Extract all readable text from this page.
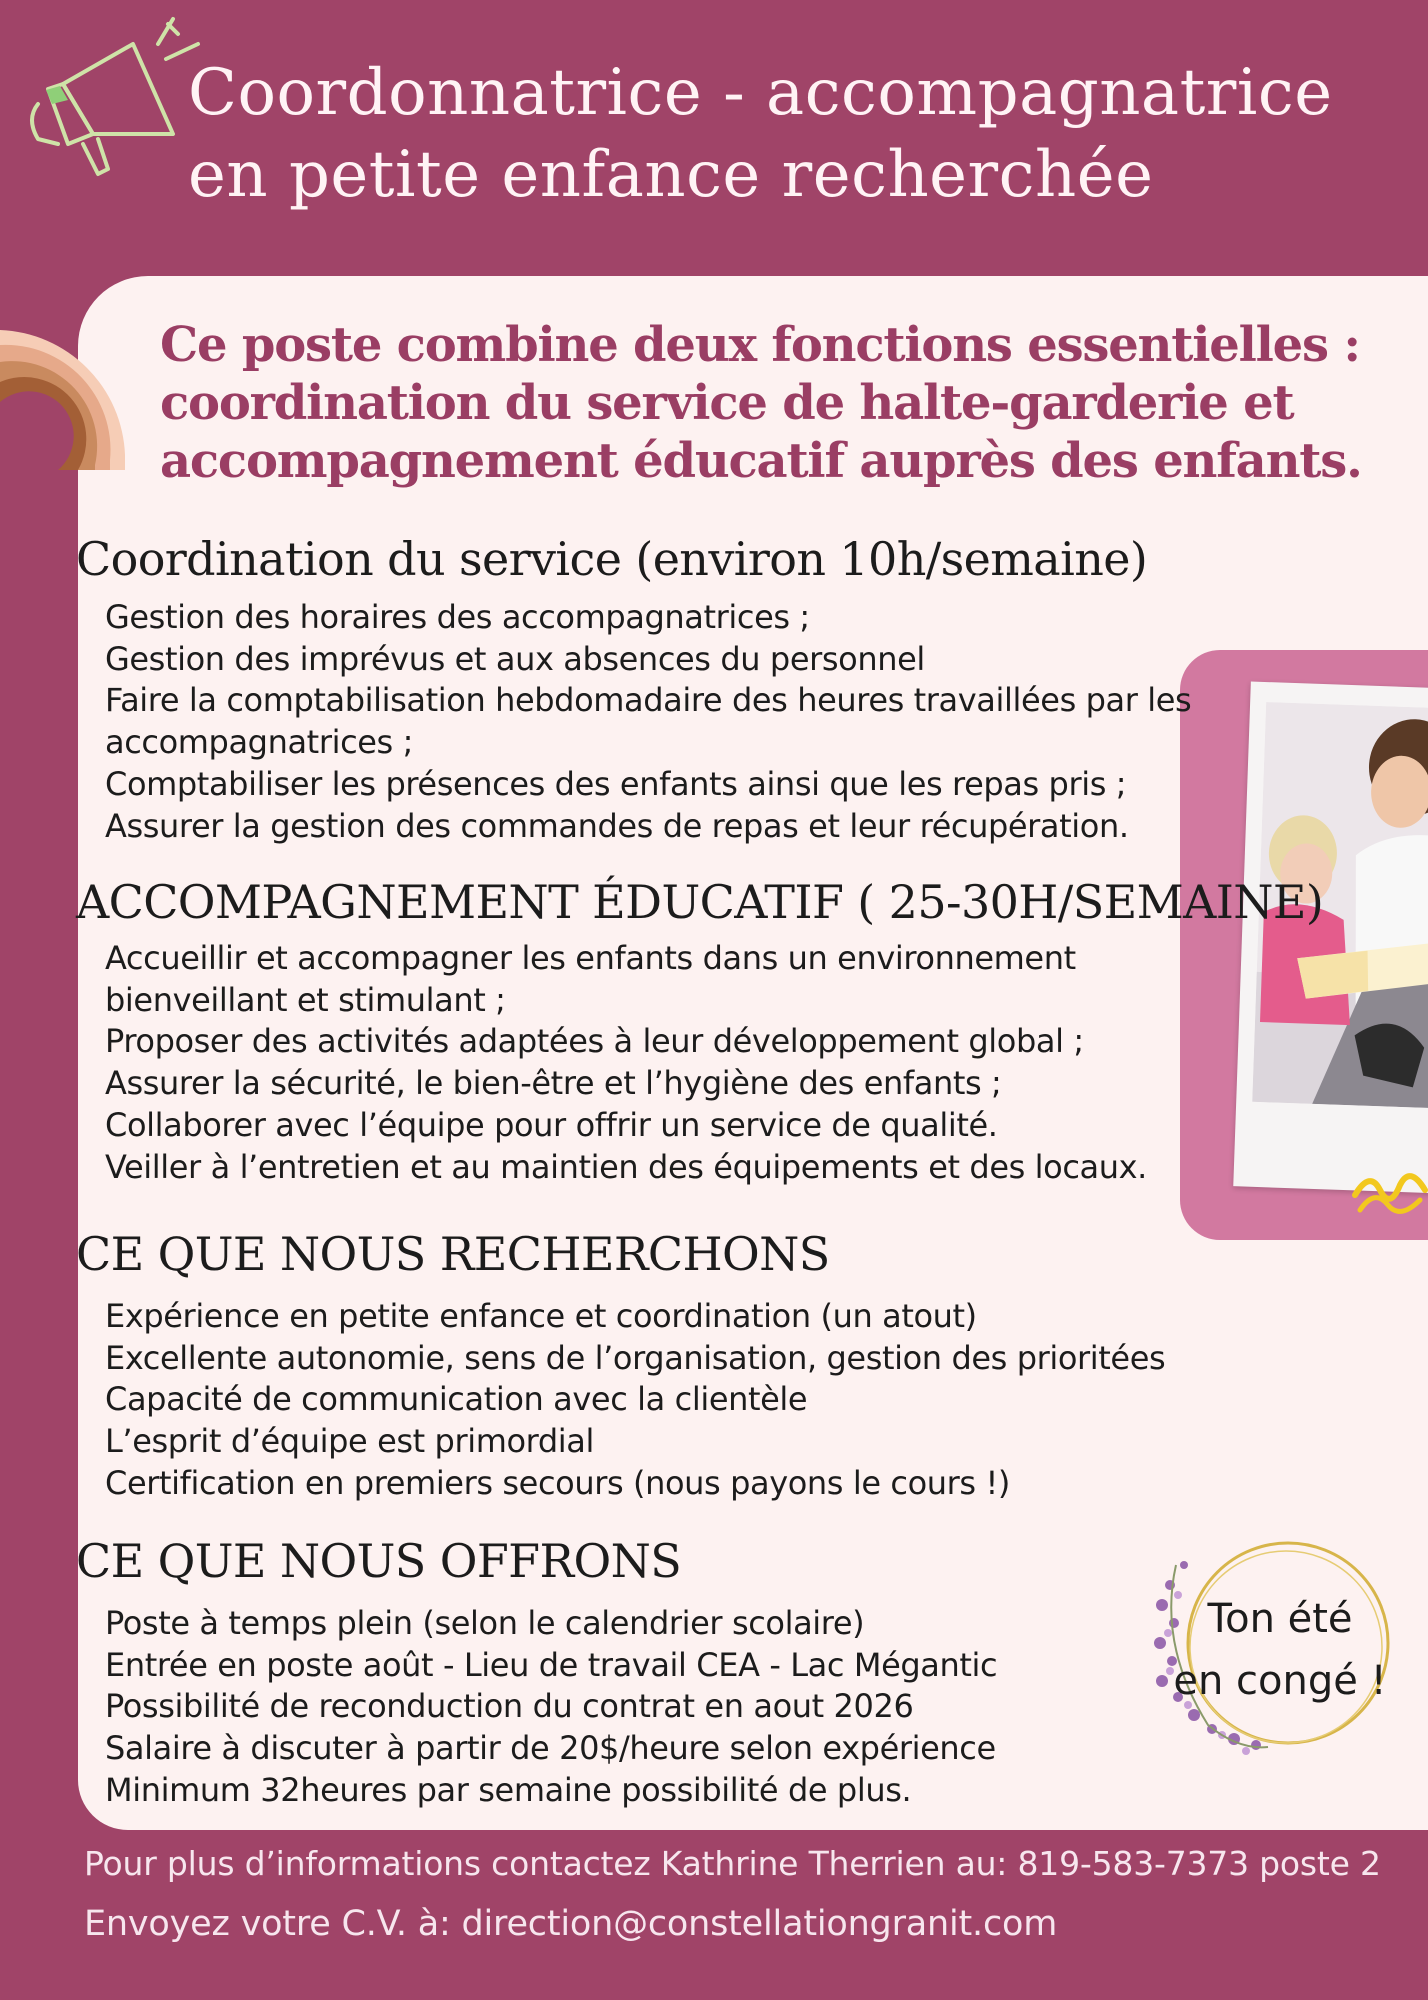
Coordonnatrice - accompagnatrice
en petite enfance recherchée

Ce poste combine deux fonctions essentielles :
coordination du service de halte-garderie et
accompagnement éducatif auprès des enfants.

Coordination du service (environ 10h/semaine)
Gestion des horaires des accompagnatrices ;
Gestion des imprévus et aux absences du personnel
Faire la comptabilisation hebdomadaire des heures travaillées par les
accompagnatrices ;
Comptabiliser les présences des enfants ainsi que les repas pris ;
Assurer la gestion des commandes de repas et leur récupération.
ACCOMPAGNEMENT ÉDUCATIF ( 25-30H/SEMAINE)
Accueillir et accompagner les enfants dans un environnement
bienveillant et stimulant ;
Proposer des activités adaptées à leur développement global ;
Assurer la sécurité, le bien-être et l’hygiène des enfants ;
Collaborer avec l’équipe pour offrir un service de qualité.
Veiller à l’entretien et au maintien des équipements et des locaux.
CE QUE NOUS RECHERCHONS
Expérience en petite enfance et coordination (un atout)
Excellente autonomie, sens de l’organisation, gestion des prioritées
Capacité de communication avec la clientèle
L’esprit d’équipe est primordial
Certification en premiers secours (nous payons le cours !)
CE QUE NOUS OFFRONS
Poste à temps plein (selon le calendrier scolaire)
Entrée en poste août - Lieu de travail CEA - Lac Mégantic
Possibilité de reconduction du contrat en aout 2026
Salaire à discuter à partir de 20$/heure selon expérience
Minimum 32heures par semaine possibilité de plus.
Ton été
en congé !

Pour plus d’informations contactez Kathrine Therrien au: 819-583-7373 poste 2

Envoyez votre C.V. à: direction@constellationgranit.com
